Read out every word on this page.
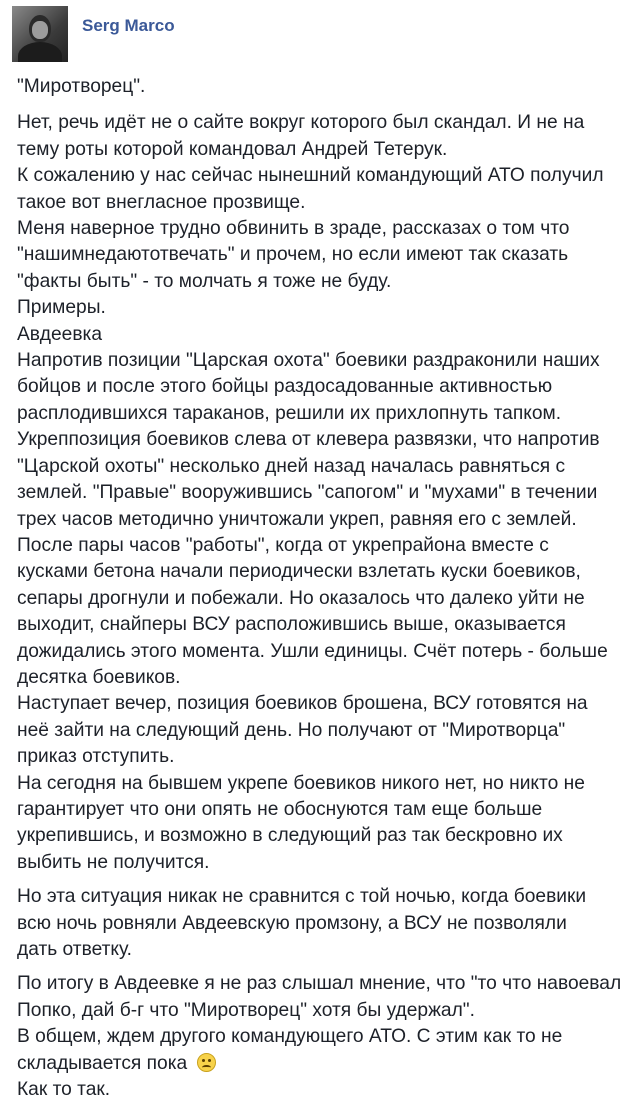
Serg Marco

"Миротворец".

Нет, речь идёт не о сайте вокруг которого был скандал. И не на
тему роты которой командовал Андрей Тетерук.
К сожалению у нас сейчас нынешний командующий АТО получил
такое вот внеглаcное прозвище.
Меня наверное трудно обвинить в зраде, рассказах о том что
"нашимнедаютотвечать" и прочем, но если имеют так сказать
"факты быть" - то молчать я тоже не буду.
Примеры.
Авдеевка
Напротив позиции "Царская охота" боевики раздраконили наших
бойцов и после этого бойцы раздосадованные активностью
расплодившихся тараканов, решили их прихлопнуть тапком.
Укреппозиция боевиков слева от клевера развязки, что напротив
"Царской охоты" несколько дней назад началась равняться с
землей. "Правые" вооружившись "сапогом" и "мухами" в течении
трех часов методично уничтожали укреп, равняя его с землей.
После пары часов "работы", когда от укрепрайона вместе с
кусками бетона начали периодически взлетать куски боевиков,
сепары дрогнули и побежали. Но оказалось что далеко уйти не
выходит, снайперы ВСУ расположившись выше, оказывается
дожидались этого момента. Ушли единицы. Счёт потерь - больше
десятка боевиков.
Наступает вечер, позиция боевиков брошена, ВСУ готовятся на
неё зайти на следующий день. Но получают от "Миротворца"
приказ отступить.
На сегодня на бывшем укрепе боевиков никого нет, но никто не
гарантирует что они опять не обоснуются там еще больше
укрепившись, и возможно в следующий раз так бескровно их
выбить не получится.

Но эта ситуация никак не сравнится с той ночью, когда боевики
всю ночь ровняли Авдеевскую промзону, а ВСУ не позволяли
дать ответку.

По итогу в Авдеевке я не раз слышал мнение, что "то что навоевал
Попко, дай б-г что "Миротворец" хотя бы удержал".
В общем, ждем другого командующего АТО. С этим как то не
складывается пока
Как то так.
